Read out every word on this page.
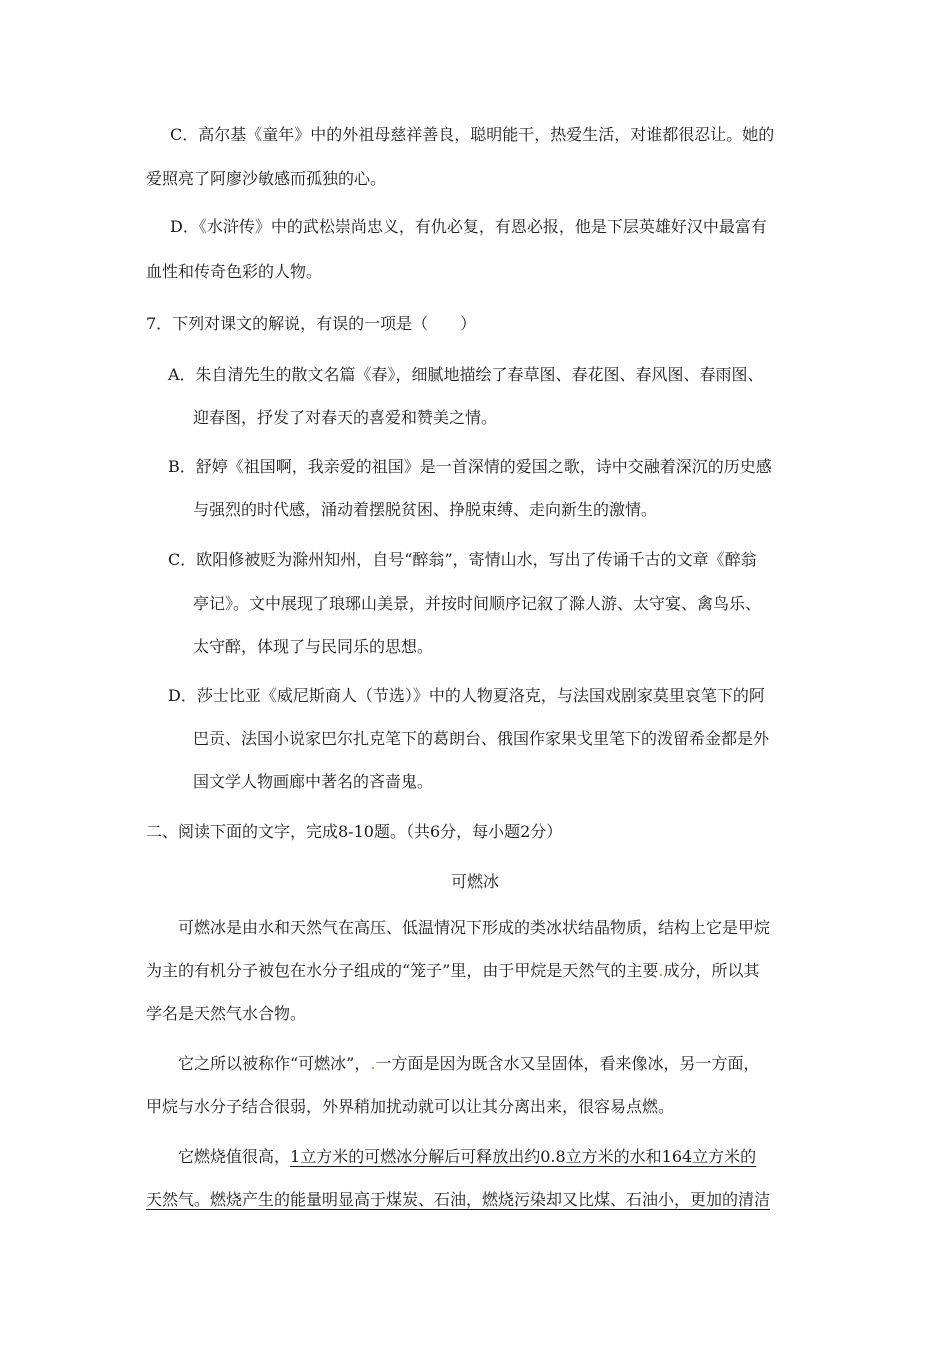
C．高尔基《童年》中的外祖母慈祥善良，聪明能干，热爱生活，对谁都很忍让。她的
爱照亮了阿廖沙敏感而孤独的心。
D．《水浒传》中的武松崇尚忠义，有仇必复，有恩必报，他是下层英雄好汉中最富有
血性和传奇色彩的人物。
7．下列对课文的解说，有误的一项是（　　）
A．朱自清先生的散文名篇《春》，细腻地描绘了春草图、春花图、春风图、春雨图、
迎春图，抒发了对春天的喜爱和赞美之情。
B．舒婷《祖国啊，我亲爱的祖国》是一首深情的爱国之歌，诗中交融着深沉的历史感
与强烈的时代感，涌动着摆脱贫困、挣脱束缚、走向新生的激情。
C．欧阳修被贬为滁州知州，自号“醉翁”，寄情山水，写出了传诵千古的文章《醉翁
亭记》。文中展现了琅琊山美景，并按时间顺序记叙了滁人游、太守宴、禽鸟乐、
太守醉，体现了与民同乐的思想。
D．莎士比亚《威尼斯商人（节选）》中的人物夏洛克，与法国戏剧家莫里哀笔下的阿
巴贡、法国小说家巴尔扎克笔下的葛朗台、俄国作家果戈里笔下的泼留希金都是外
国文学人物画廊中著名的吝啬鬼。
二、阅读下面的文字，完成8-10题。（共6分，每小题2分）
可燃冰
可燃冰是由水和天然气在高压、低温情况下形成的类冰状结晶物质，结构上它是甲烷
为主的有机分子被包在水分子组成的“笼子”里，由于甲烷是天然气的主要.成分，所以其
学名是天然气水合物。
它之所以被称作“可燃冰”，.一方面是因为既含水又呈固体，看来像冰，另一方面，
甲烷与水分子结合很弱，外界稍加扰动就可以让其分离出来，很容易点燃。
它燃烧值很高，1立方米的可燃冰分解后可释放出约0.8立方米的水和164立方米的
天然气。燃烧产生的能量明显高于煤炭、石油，燃烧污染却又比煤、石油小，更加的清洁
